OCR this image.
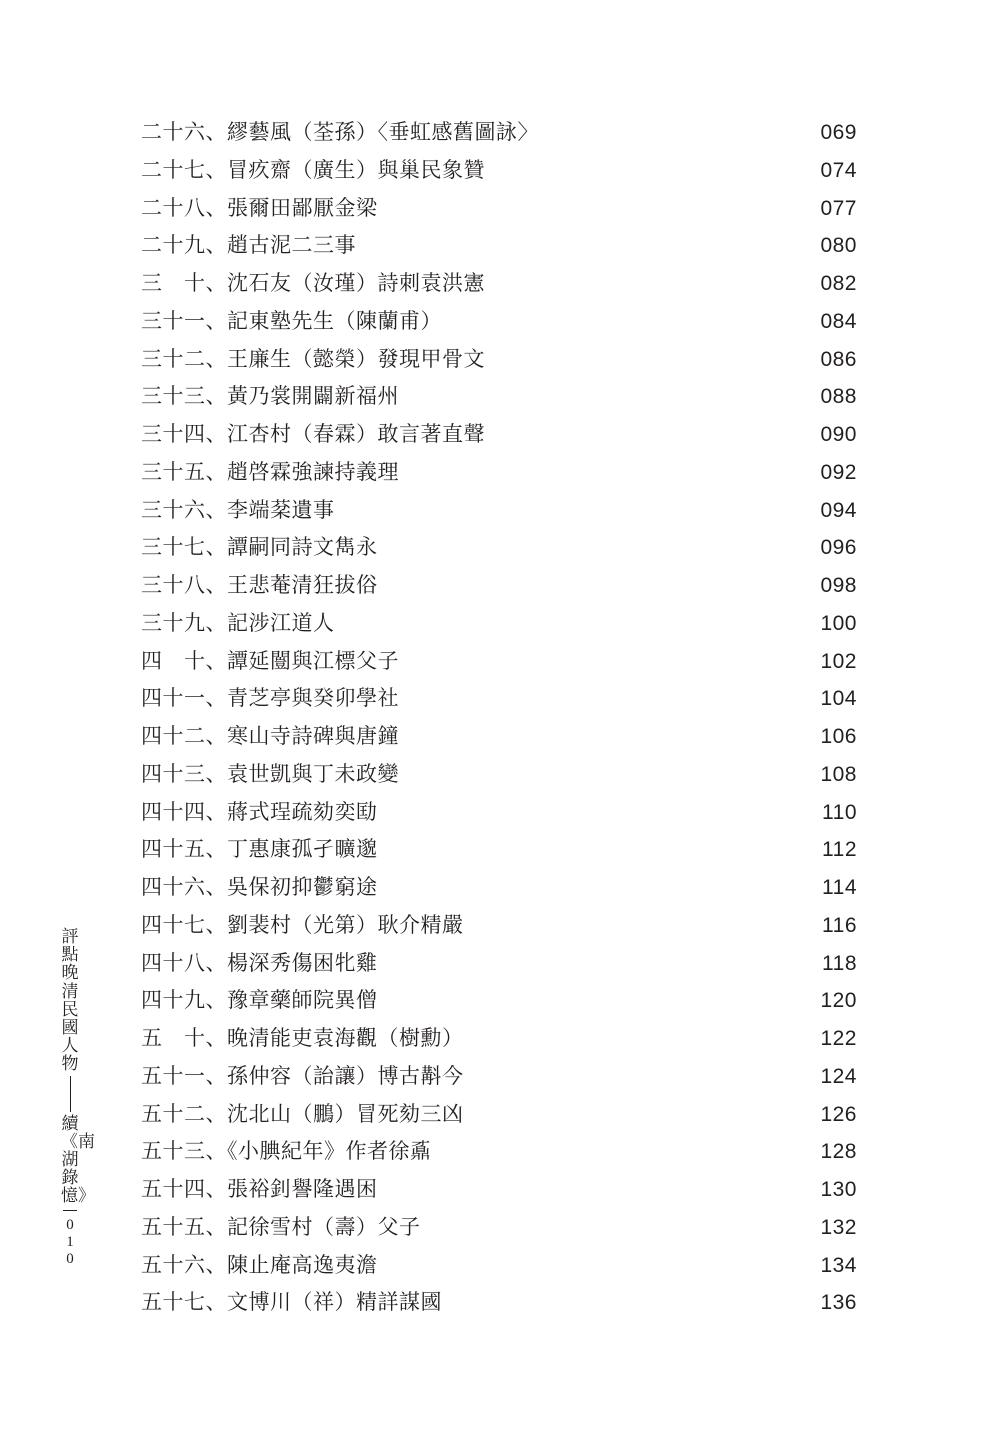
二十六、繆藝風（荃孫）〈垂虹感舊圖詠〉	069
二十七、冒疚齋（廣生）與巢民象贊	074
二十八、張爾田鄙厭金梁	077
二十九、趙古泥二三事	080
三　十、沈石友（汝瑾）詩刺袁洪憲	082
三十一、記東塾先生（陳蘭甫）	084
三十二、王廉生（懿榮）發現甲骨文	086
三十三、黃乃裳開闢新福州	088
三十四、江杏村（春霖）敢言著直聲	090
三十五、趙啓霖強諫持義理	092
三十六、李端棻遺事	094
三十七、譚嗣同詩文雋永	096
三十八、王悲菴清狂拔俗	098
三十九、記涉江道人	100
四　十、譚延闓與江標父子	102
四十一、青芝亭與癸卯學社	104
四十二、寒山寺詩碑與唐鐘	106
四十三、袁世凱與丁未政變	108
四十四、蔣式珵疏劾奕劻	110
四十五、丁惠康孤孑曠邈	112
四十六、吳保初抑鬱窮途	114
四十七、劉裴村（光第）耿介精嚴	116
四十八、楊深秀傷困牝雞	118
四十九、豫章藥師院異僧	120
五　十、晚清能吏袁海觀（樹勳）	122
五十一、孫仲容（詒讓）博古斠今	124
五十二、沈北山（鵬）冒死劾三凶	126
五十三、《小腆紀年》作者徐鼒	128
五十四、張裕釗譽隆遇困	130
五十五、記徐雪村（壽）父子	132
五十六、陳止庵高逸夷澹	134
五十七、文博川（祥）精詳謀國	136
評點晚清民國人物
續《南湖錄憶》
010
